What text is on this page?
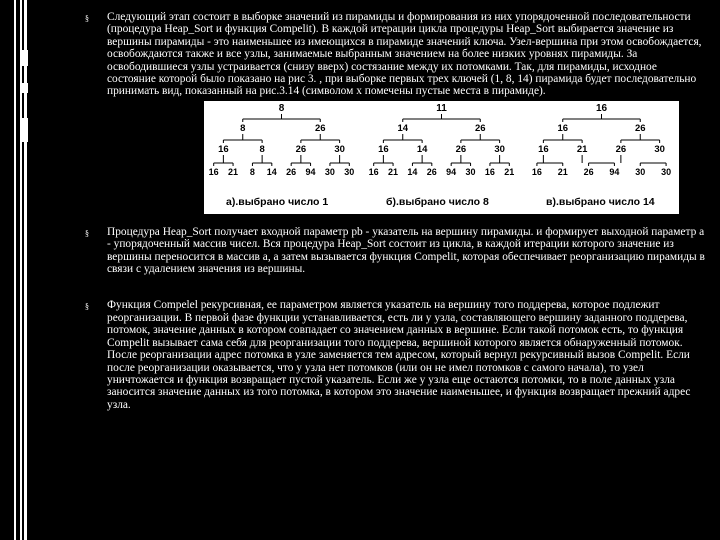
§ Следующий этап состоит в выборке значений из пирамиды и формирования из них упорядоченной последовательности (процедура Heap_Sort и функция Compelit). В каждой итерации цикла процедуры Heap_Sort выбирается значение из вершины пирамиды - это наименьшее из имеющихся в пирамиде значений ключа. Узел-вершина при этом освобождается, освобождаются также и все узлы, занимаемые выбранным значением на более низких уровнях пирамиды. За освободившиеся узлы устраивается (снизу вверх) состязание между их потомками. Так, для пирамиды, исходное состояние которой было показано на рис 3. , при выборке первых трех ключей (1, 8, 14) пирамида будет последовательно принимать вид, показанный на рис.3.14 (символом x помечены пустые места в пирамиде).

8
8	26
16	8	26	30
16 21 8 14 26 94 30 30
а).выбрано число 1
11
14	26
16	14	26	30
16 21 14 26 94 30 16 21
б).выбрано число 8
16
16	26
16	21	26	30
16 21 26 94 30 30
в).выбрано число 14
§ Процедура Heap_Sort получает входной параметр pb - указатель на вершину пирамиды. и формирует выходной параметр a - упорядоченный массив чисел. Вся процедура Heap_Sort состоит из цикла, в каждой итерации которого значение из вершины переносится в массив a, а затем вызывается функция Compelit, которая обеспечивает реорганизацию пирамиды в связи с удалением значения из вершины.

§ Функция Compelel рекурсивная, ее параметром является указатель на вершину того поддерева, которое подлежит реорганизации. В первой фазе функции устанавливается, есть ли у узла, составляющего вершину заданного поддерева, потомок, значение данных в котором совпадает со значением данных в вершине. Если такой потомок есть, то функция Compelit вызывает сама себя для реорганизации того поддерева, вершиной которого является обнаруженный потомок. После реорганизации адрес потомка в узле заменяется тем адресом, который вернул рекурсивный вызов Compelit. Если после реорганизации оказывается, что у узла нет потомков (или он не имел потомков с самого начала), то узел уничтожается и функция возвращает пустой указатель. Если же у узла еще остаются потомки, то в поле данных узла заносится значение данных из того потомка, в котором это значение наименьшее, и функция возвращает прежний адрес узла.
